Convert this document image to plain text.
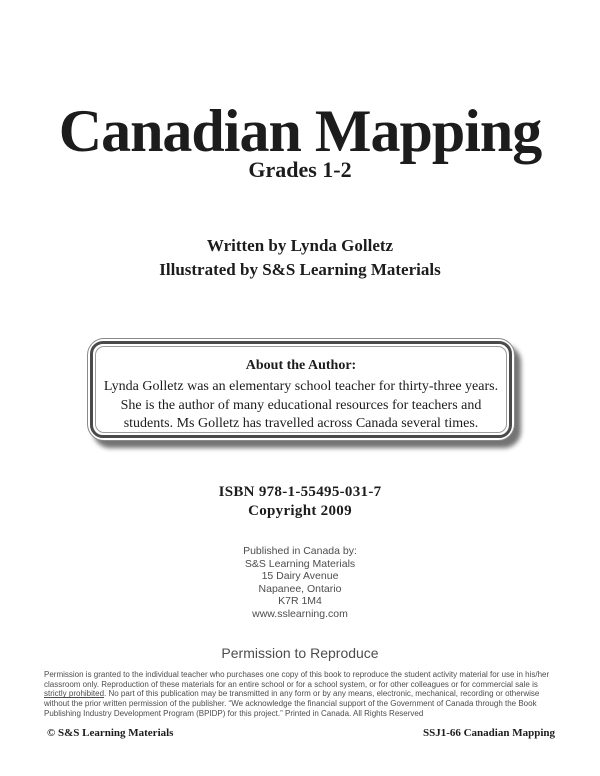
Canadian Mapping
Grades 1-2
Written by Lynda Golletz
Illustrated by S&S Learning Materials
About the Author:
Lynda Golletz was an elementary school teacher for thirty-three years.
She is the author of many educational resources for teachers and
students. Ms Golletz has travelled across Canada several times.
ISBN 978-1-55495-031-7
Copyright 2009
Published in Canada by:
S&S Learning Materials
15 Dairy Avenue
Napanee, Ontario
K7R 1M4
www.sslearning.com
Permission to Reproduce

Permission is granted to the individual teacher who purchases one copy of this book to reproduce the student activity material for use in his/her classroom only. Reproduction of these materials for an entire school or for a school system, or for other colleagues or for commercial sale is strictly prohibited. No part of this publication may be transmitted in any form or by any means, electronic, mechanical, recording or otherwise without the prior written permission of the publisher. “We acknowledge the financial support of the Government of Canada through the Book Publishing Industry Development Program (BPIDP) for this project.” Printed in Canada. All Rights Reserved

© S&S Learning Materials	SSJ1-66 Canadian Mapping
